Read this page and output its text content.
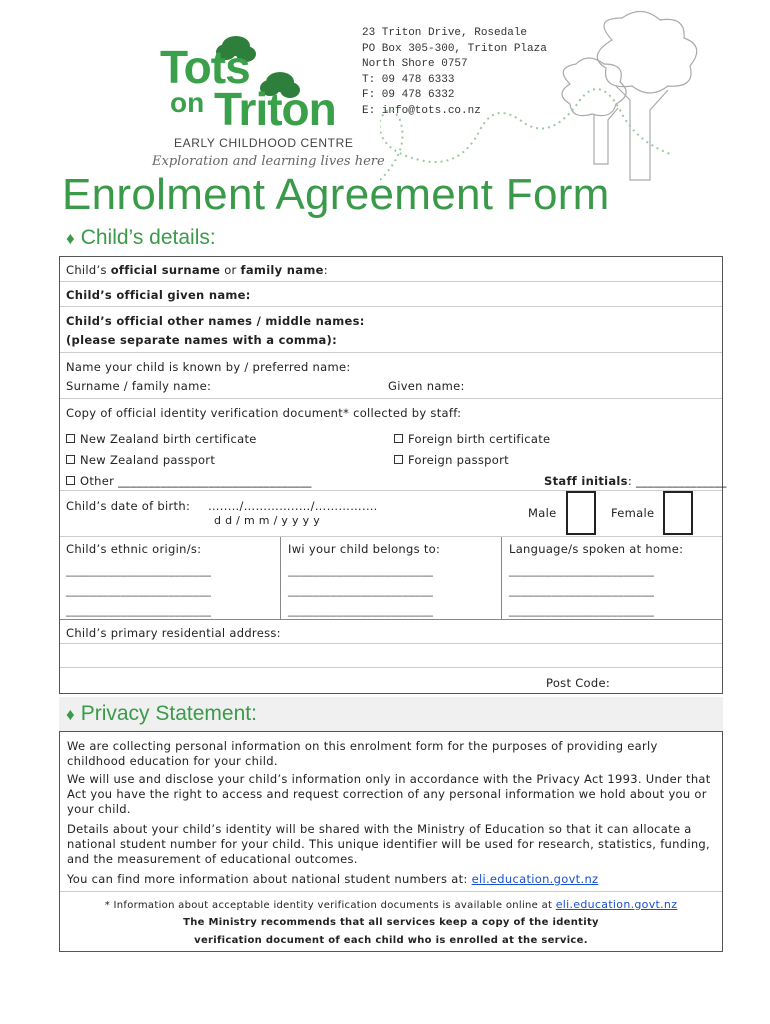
Tots
on Triton
EARLY CHILDHOOD CENTRE
Exploration and learning lives here
23 Triton Drive, Rosedale
PO Box 305-300, Triton Plaza
North Shore 0757
T: 09 478 6333
F: 09 478 6332
E: info@tots.co.nz
Enrolment Agreement Form
♦ Child’s details:
Child’s official surname or family name:
Child’s official given name:
Child’s official other names / middle names:
(please separate names with a comma):
Name your child is known by / preferred name:
Surname / family name:	Given name:
Copy of official identity verification document* collected by staff:
New Zealand birth certificate	Foreign birth certificate
New Zealand passport	Foreign passport
Other ________________________________	Staff initials: _______________
Child’s date of birth: …..…/…………..…/………….…
d d / m m / y y y y
Male	Female
Child’s ethnic origin/s:
________________________
________________________
________________________
Iwi your child belongs to:
________________________
________________________
________________________
Language/s spoken at home:
________________________
________________________
________________________
Child’s primary residential address:
Post Code:
♦ Privacy Statement:
We are collecting personal information on this enrolment form for the purposes of providing early childhood education for your child.
We will use and disclose your child’s information only in accordance with the Privacy Act 1993. Under that Act you have the right to access and request correction of any personal information we hold about you or your child.
Details about your child’s identity will be shared with the Ministry of Education so that it can allocate a national student number for your child. This unique identifier will be used for research, statistics, funding, and the measurement of educational outcomes.
You can find more information about national student numbers at: eli.education.govt.nz
* Information about acceptable identity verification documents is available online at eli.education.govt.nz
The Ministry recommends that all services keep a copy of the identity
verification document of each child who is enrolled at the service.
